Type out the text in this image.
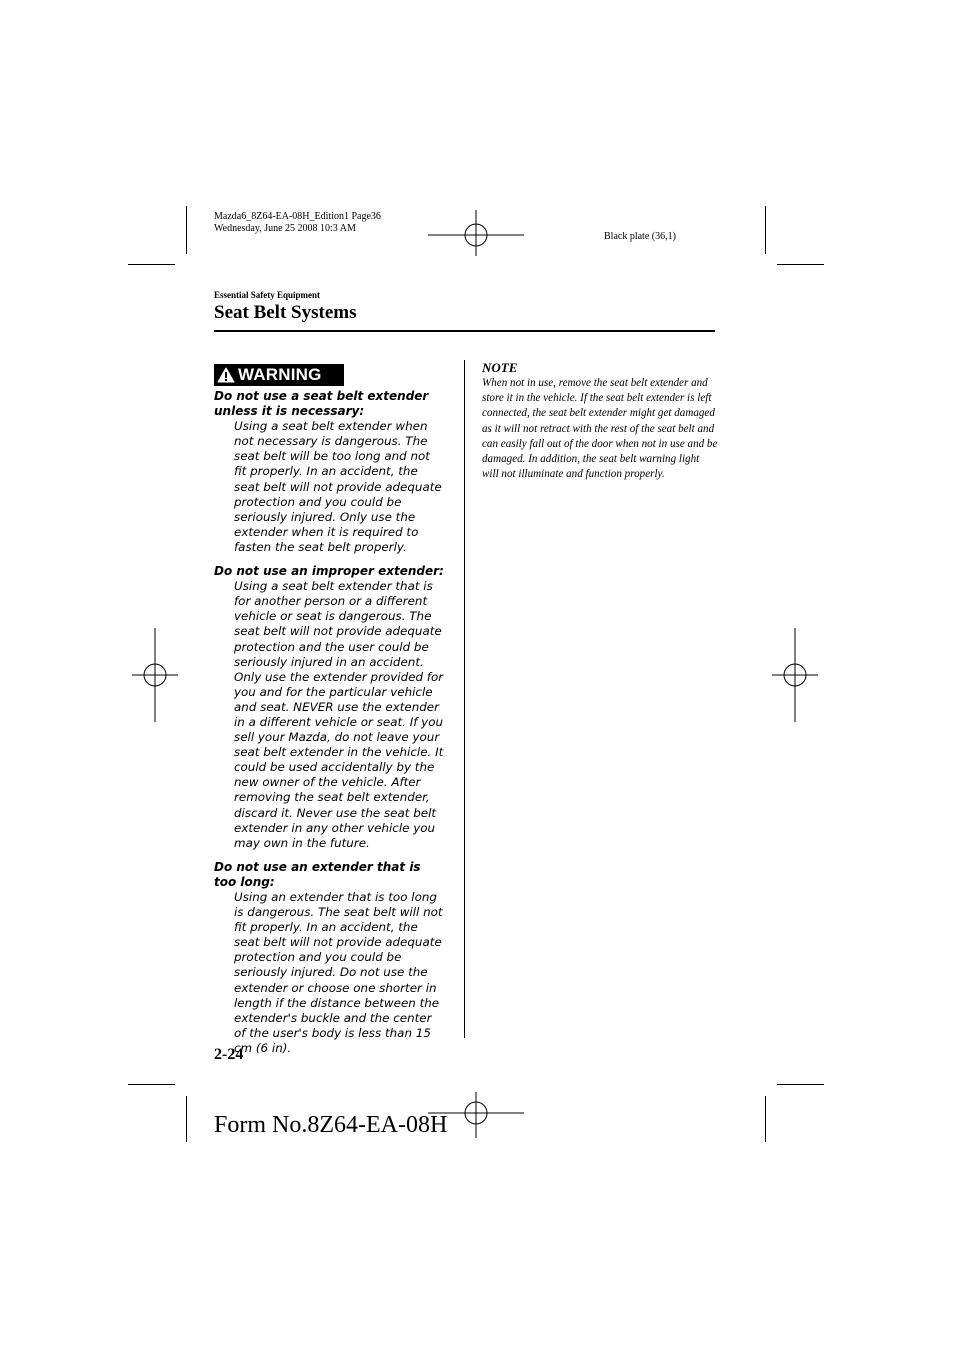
Mazda6_8Z64-EA-08H_Edition1 Page36
Wednesday, June 25 2008 10:3 AM
Black plate (36,1)
Essential Safety Equipment
Seat Belt Systems
WARNING
Do not use a seat belt extender unless it is necessary:
Using a seat belt extender when not necessary is dangerous. The seat belt will be too long and not fit properly. In an accident, the seat belt will not provide adequate protection and you could be seriously injured. Only use the extender when it is required to fasten the seat belt properly.
Do not use an improper extender:
Using a seat belt extender that is for another person or a different vehicle or seat is dangerous. The seat belt will not provide adequate protection and the user could be seriously injured in an accident. Only use the extender provided for you and for the particular vehicle and seat. NEVER use the extender in a different vehicle or seat. If you sell your Mazda, do not leave your seat belt extender in the vehicle. It could be used accidentally by the new owner of the vehicle. After removing the seat belt extender, discard it. Never use the seat belt extender in any other vehicle you may own in the future.
Do not use an extender that is too long:
Using an extender that is too long is dangerous. The seat belt will not fit properly. In an accident, the seat belt will not provide adequate protection and you could be seriously injured. Do not use the extender or choose one shorter in length if the distance between the extender's buckle and the center of the user's body is less than 15 cm (6 in).
NOTE
When not in use, remove the seat belt extender and store it in the vehicle. If the seat belt extender is left connected, the seat belt extender might get damaged as it will not retract with the rest of the seat belt and can easily fall out of the door when not in use and be damaged. In addition, the seat belt warning light will not illuminate and function properly.
2-24
Form No.8Z64-EA-08H
